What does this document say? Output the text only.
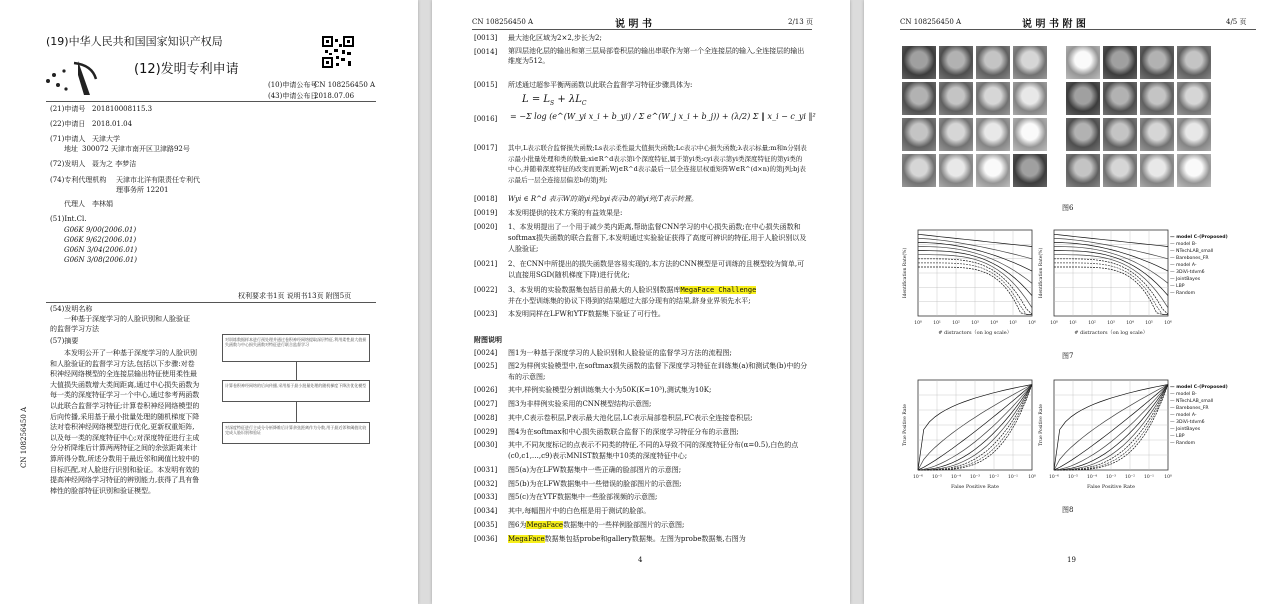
(19)中华人民共和国国家知识产权局
(12)发明专利申请
(10)申请公布号
CN 108256450 A
(43)申请公布日
2018.07.06
(21)申请号 201810008115.3
(22)申请日 2018.01.04
(71)申请人 天津大学
地址 300072 天津市南开区卫津路92号
(72)发明人 聂为之 李梦洁
(74)专利代理机构 天津市北洋有限责任专利代
理事务所 12201
代理人 李林娟
(51)Int.Cl.
G06K 9/00(2006.01)
G06K 9/62(2006.01)
G06N 3/04(2006.01)
G06N 3/08(2006.01)
权利要求书1页 说明书13页 附图5页
(54)发明名称
一种基于深度学习的人脸识别和人脸验证
的监督学习方法
(57)摘要
本发明公开了一种基于深度学习的人脸识别和人脸验证的监督学习方法,包括以下步骤:对卷积神经网络模型的全连接层输出特征使用柔性最大值损失函数增大类间距离,通过中心损失函数为每一类的深度特征学习一个中心,通过参考两函数以此联合监督学习特征;计算卷积神经网络模型的后向传播,采用基于最小批量处理的随机梯度下降法对卷积神经网络模型进行优化,更新权重矩阵,以及每一类的深度特征中心;对深度特征进行主成分分析降维后计算两两特征之间的余弦距离来计算所得分数,所述分数用于最近邻和阈值比较中的目标匹配,对人脸进行识别和验证。本发明有效的提高神经网络学习特征的辨别能力,获得了具有鲁棒性的脸部特征识别和验证模型。
CN 108256450 A
对训练数据样本进行预处理并通过卷积神经网络提取深层特征,利用柔性最大值损失函数与中心损失函数对特征进行联合监督学习
计算卷积神经网络的后向传播,采用基于最小批量处理的随机梯度下降法优化模型
对深度特征进行主成分分析降维后计算余弦距离作为分数,用于最近邻和阈值比较完成人脸识别和验证
CN 108256450 A	说 明 书	2/13 页
[0013] 最大池化区域为2×2,步长为2;
[0014] 第四层池化层的输出和第三层局部卷积层的输出串联作为第一个全连接层的输入,全连接层的输出维度为512。
[0015] 所述通过超参平衡两函数以此联合监督学习特征步骤具体为:
$L = L_S + \lambda L_C$
[0016] = −Σ log (e^(W_yi x_i + b_yi) / Σ e^(W_j x_i + b_j)) + (λ/2) Σ ‖ x_i − c_yi ‖²
[0017] 其中,L表示联合监督损失函数;Ls表示柔性最大值损失函数;Lc表示中心损失函数;λ表示标量;m和n分别表示最小批量处理和类的数量;xi∈R^d表示第i个深度特征,属于第yi类;cyi表示第yi类深度特征的第yi类的中心,并随着深度特征的改变而更新;Wj∈R^d表示最后一层全连接层权重矩阵W∈R^(d×n)的第j列;bj表示最后一层全连接层偏差b的第j列;
[0018] Wyi ∈ R^d 表示W的第yi列;byi表示b的第yi列;T表示转置。
[0019] 本发明提供的技术方案的有益效果是:
[0020] 1、本发明提出了一个用于减少类内距离,帮助监督CNN学习的中心损失函数;在中心损失函数和softmax损失函数的联合监督下,本发明通过实验验证获得了高度可辨识的特征,用于人脸识别以及人脸验证;
[0021] 2、在CNN中所提出的损失函数是容易实现的,本方法的CNN模型是可训练的且模型较为简单,可以直接用SGD(随机梯度下降)进行优化;
[0022] 3、本发明的实验数据集包括目前最大的人脸识别数据库MegaFace Challenge
并在小型训练集的协议下得到的结果超过大部分现有的结果,跻身业界领先水平;
[0023] 本发明同样在LFW和YTF数据集下验证了可行性。
附图说明
[0024] 图1为一种基于深度学习的人脸识别和人脸验证的监督学习方法的流程图;
[0025] 图2为样例实验模型中,在softmax损失函数的监督下深度学习特征在训练集(a)和测试集(b)中的分布的示意图;
[0026] 其中,样例实验模型分割训练集大小为50K(K=10³),测试集为10K;
[0027] 图3为非样例实验采用的CNN模型结构示意图;
[0028] 其中,C表示卷积层,P表示最大池化层,LC表示局部卷积层,FC表示全连接卷积层;
[0029] 图4为在softmax和中心损失函数联合监督下的深度学习特征分布的示意图;
[0030] 其中,不同灰度标记的点表示不同类的特征,不同的λ导致不同的深度特征分布(α=0.5),白色的点(c0,c1,…,c9)表示MNIST数据集中10类的深度特征中心;
[0031] 图5(a)为在LFW数据集中一些正确的脸部图片的示意图;
[0032] 图5(b)为在LFW数据集中一些错误的脸部图片的示意图;
[0033] 图5(c)为在YTF数据集中一些脸部视频的示意图;
[0034] 其中,每幅图片中的白色框是用于测试的脸部。
[0035] 图6为MegaFace数据集中的一些样例脸部图片的示意图;
[0036] MegaFace数据集包括probe和gallery数据集。左图为probe数据集,右图为
4
CN 108256450 A	说 明 书 附 图	4/5 页
图6
10⁰	10¹	10²	10³	10⁴	10⁵	10⁶
# distractors（on log scale）
Identification Rate(%)
10⁰	10¹	10²	10³	10⁴	10⁵	10⁶
# distractors（on log scale）
Identification Rate(%)
— model C-(Proposed)
— model B-
— NTechLAB_small
— Barebones_FR
— model A-
— 3DiVi-tdvm6
— JointBayes
— LBP
— Random
图7
10⁻⁶ 10⁻⁵ 10⁻⁴ 10⁻³ 10⁻² 10⁻¹ 10⁰
False Positive Rate
True Positive Rate
10⁻⁶ 10⁻⁵ 10⁻⁴ 10⁻³ 10⁻² 10⁻¹ 10⁰
False Positive Rate
True Positive Rate
— model C-(Proposed)
— model B-
— NTechLAB_small
— Barebones_FR
— model A-
— 3DiVi-tdvm6
— JointBayes
— LBP
— Random
图8
19
